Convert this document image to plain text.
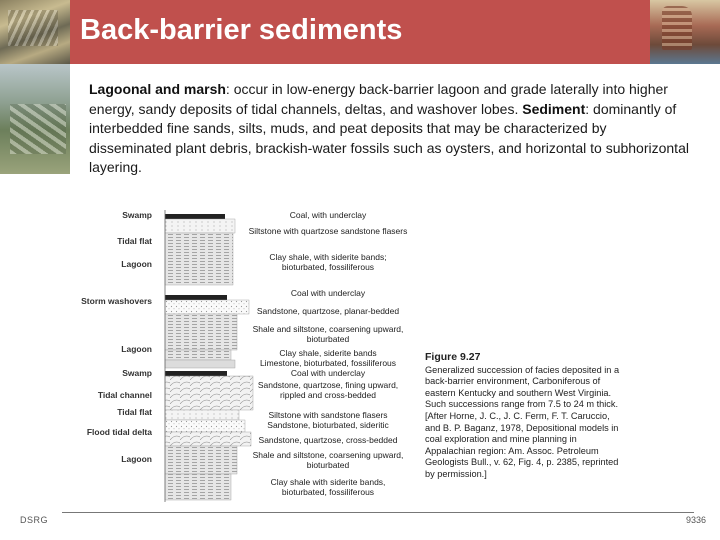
Back-barrier sediments
Lagoonal and marsh: occur in low-energy back-barrier lagoon and grade laterally into higher energy, sandy deposits of tidal channels, deltas, and washover lobes. Sediment: dominantly of interbedded fine sands, silts, muds, and peat deposits that may be characterized by disseminated plant debris, brackish-water fossils such as oysters, and horizontal to subhorizontal layering.
Swamp
Tidal flat
Lagoon
Storm washovers
Lagoon
Swamp
Tidal channel
Tidal flat
Flood tidal delta
Lagoon
Coal, with underclay
Siltstone with quartzose sandstone flasers
Clay shale, with siderite bands; bioturbated, fossiliferous
Coal with underclay
Sandstone, quartzose, planar-bedded
Shale and siltstone, coarsening upward, bioturbated
Clay shale, siderite bands
Limestone, bioturbated, fossiliferous
Coal with underclay
Sandstone, quartzose, fining upward, rippled and cross-bedded
Siltstone with sandstone flasers
Sandstone, bioturbated, sideritic
Sandstone, quartzose, cross-bedded
Shale and siltstone, coarsening upward, bioturbated
Clay shale with siderite bands, bioturbated, fossiliferous
Figure 9.27
Generalized succession of facies deposited in a back-barrier environment, Carboniferous of eastern Kentucky and southern West Virginia. Such successions range from 7.5 to 24 m thick. [After Horne, J. C., J. C. Ferm, F. T. Caruccio, and B. P. Baganz, 1978, Depositional models in coal exploration and mine planning in Appalachian region: Am. Assoc. Petroleum Geologists Bull., v. 62, Fig. 4, p. 2385, reprinted by permission.]
DSRG	9336
